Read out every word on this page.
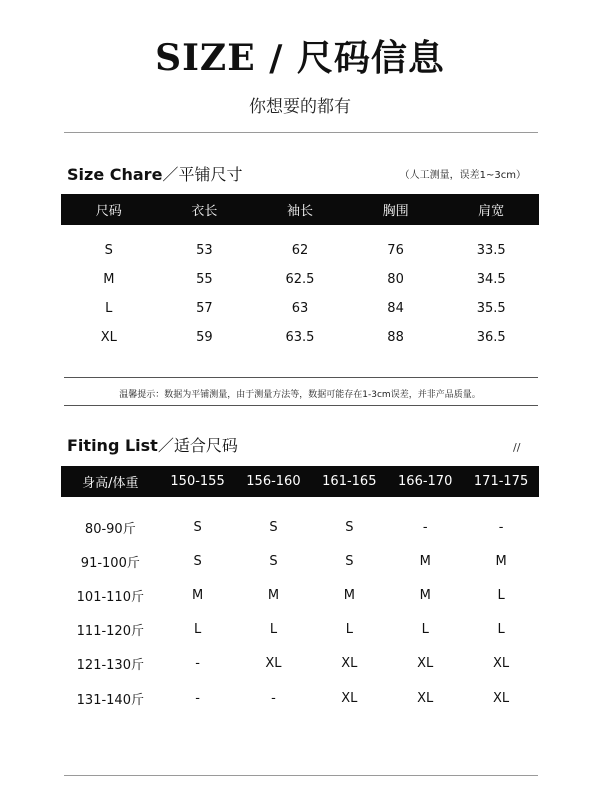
SIZE / 尺码信息
你想要的都有
Size Chare／平铺尺寸	（人工测量，误差1~3cm）
尺码	衣长	袖长	胸围	肩宽
S	53	62	76	33.5
M	55	62.5	80	34.5
L	57	63	84	35.5
XL	59	63.5	88	36.5
温馨提示：数据为平铺测量，由于测量方法等，数据可能存在1-3cm误差，并非产品质量。
Fiting List／适合尺码	//
身高/体重	150-155	156-160	161-165	166-170	171-175
80-90斤	S	S	S	-	-
91-100斤	S	S	S	M	M
101-110斤	M	M	M	M	L
111-120斤	L	L	L	L	L
121-130斤	-	XL	XL	XL	XL
131-140斤	-	-	XL	XL	XL
